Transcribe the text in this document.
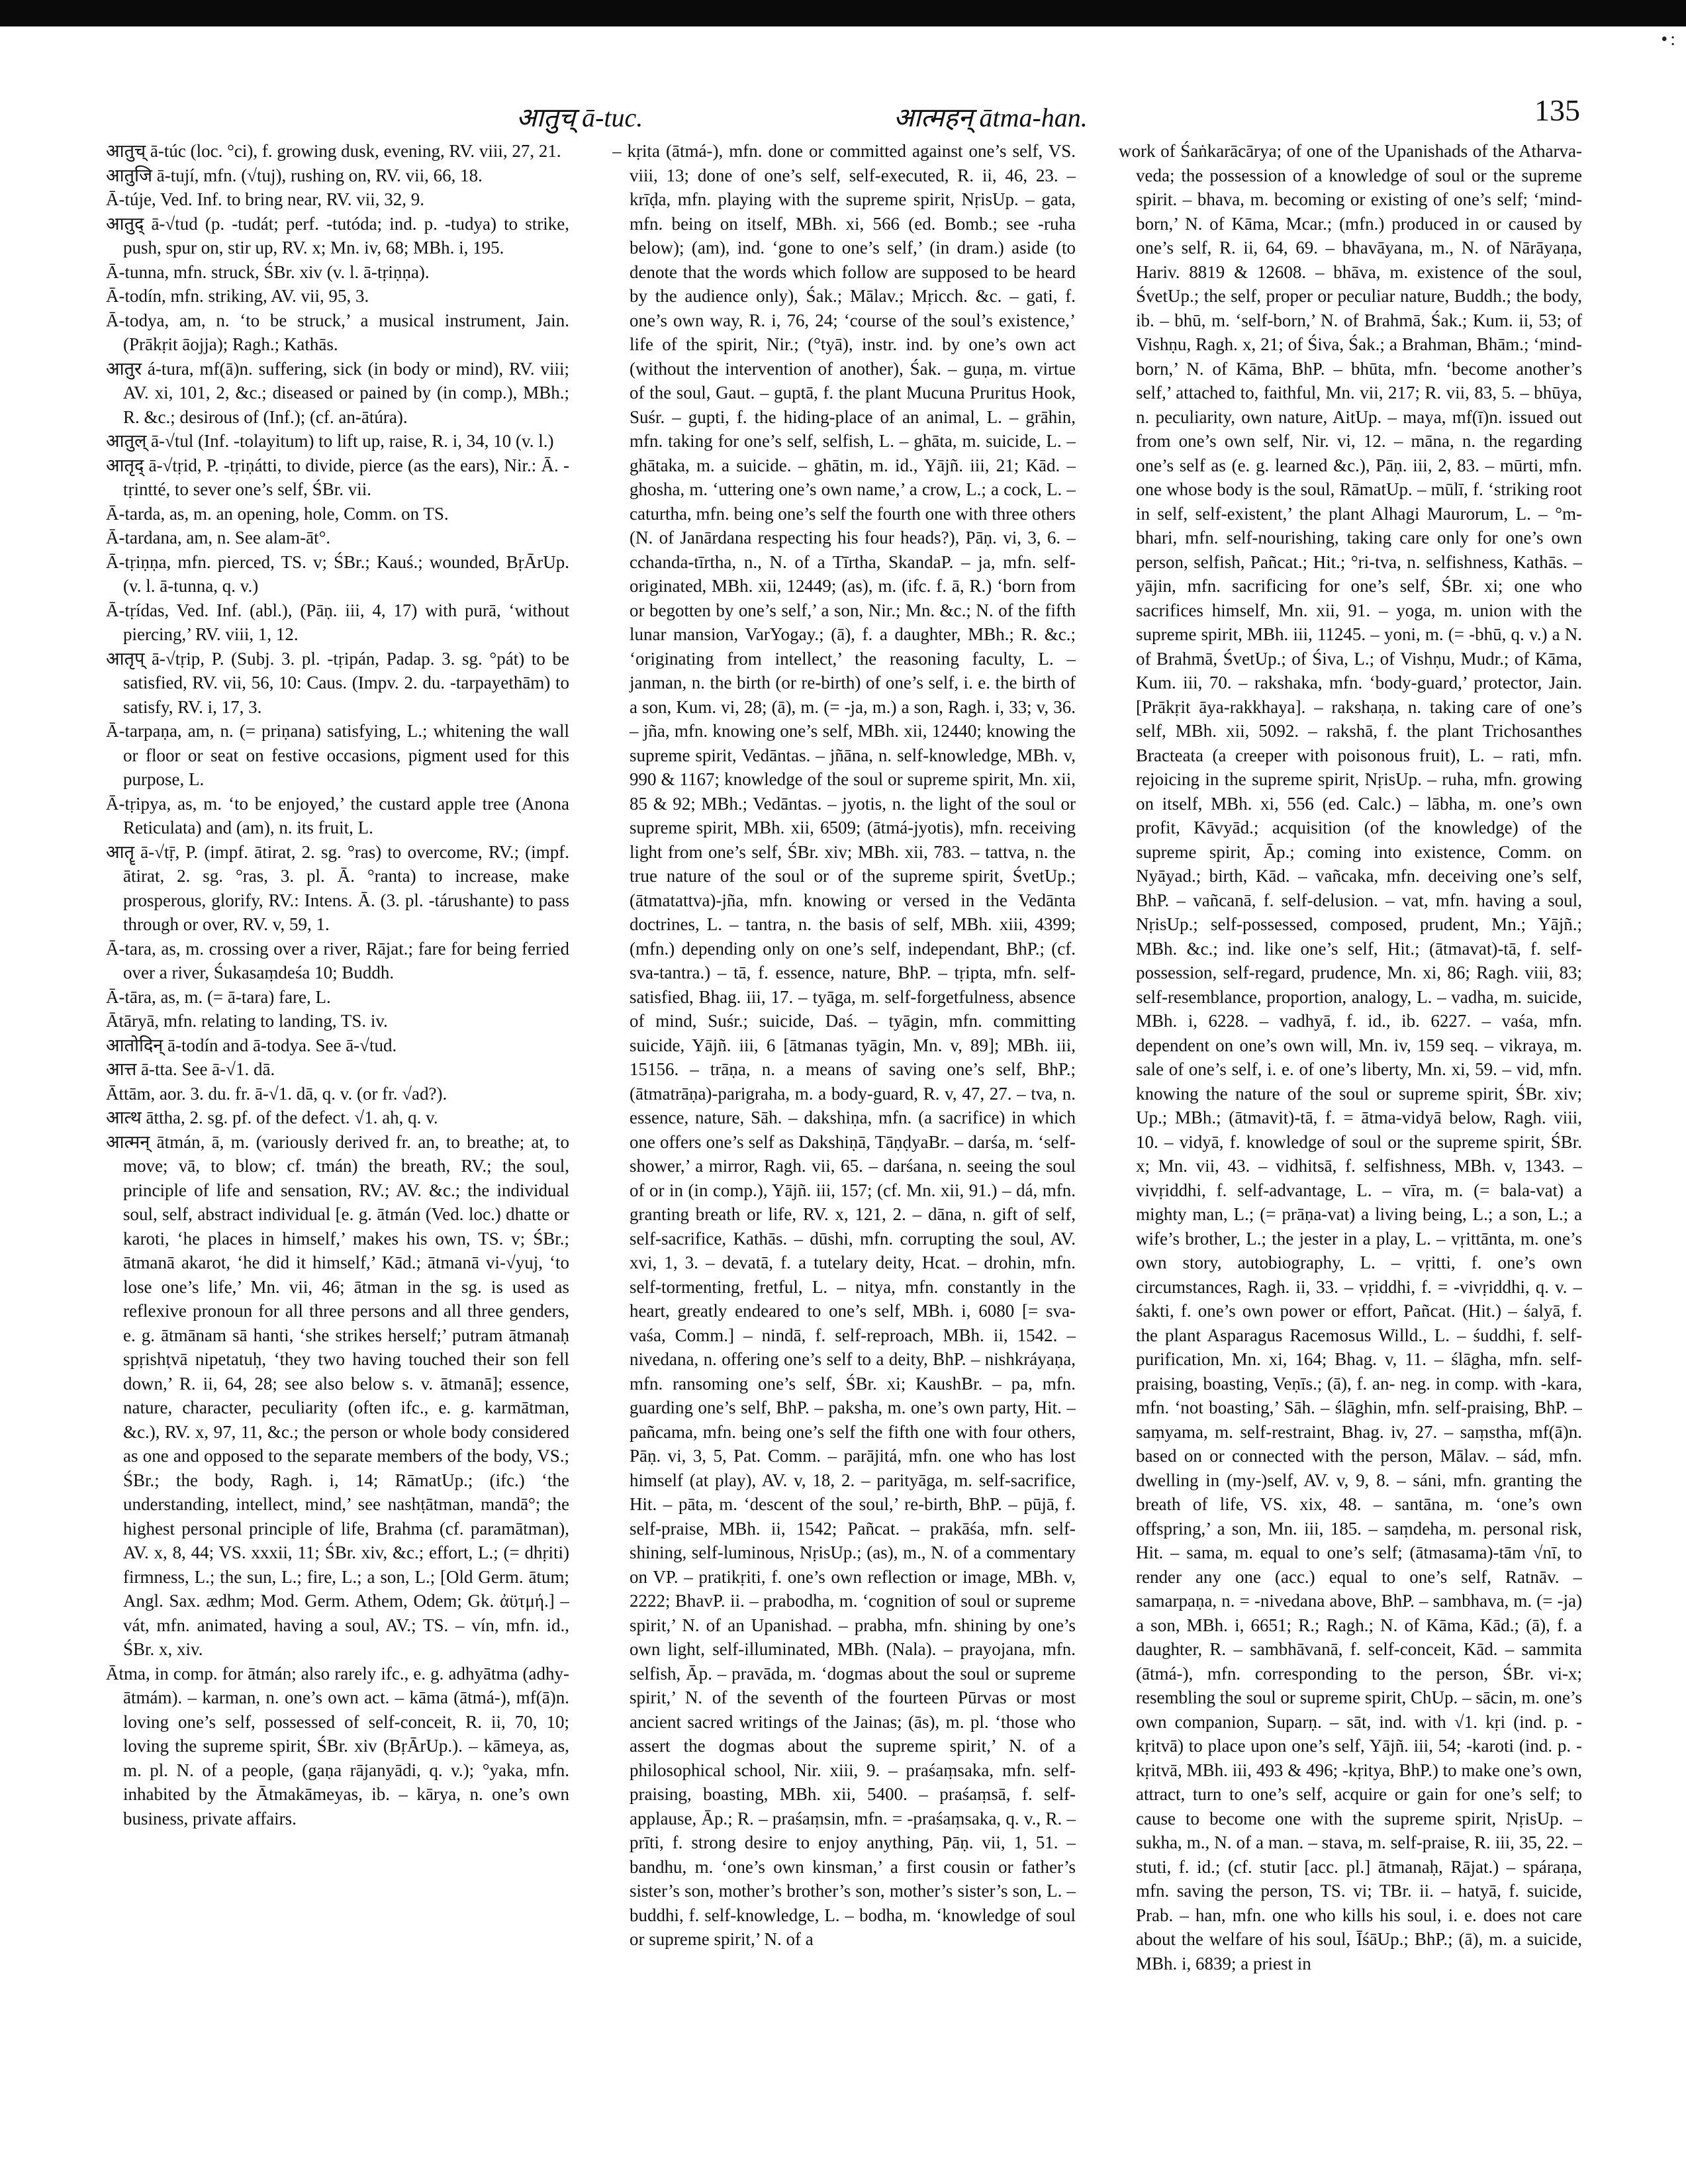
•:
आतुच् ā-tuc.	आत्महन् ātma-han.	135

आतुच् ā-túc (loc. °ci), f. growing dusk, evening, RV. viii, 27, 21.

आतुजि ā-tují, mfn. (√tuj), rushing on, RV. vii, 66, 18.

Ā-túje, Ved. Inf. to bring near, RV. vii, 32, 9.

आतुद् ā-√tud (p. -tudát; perf. -tutóda; ind. p. -tudya) to strike, push, spur on, stir up, RV. x; Mn. iv, 68; MBh. i, 195.

Ā-tunna, mfn. struck, ŚBr. xiv (v. l. ā-tṛiṇṇa).

Ā-todín, mfn. striking, AV. vii, 95, 3.

Ā-todya, am, n. ‘to be struck,’ a musical instrument, Jain. (Prākṛit āojja); Ragh.; Kathās.

आतुर á-tura, mf(ā)n. suffering, sick (in body or mind), RV. viii; AV. xi, 101, 2, &c.; diseased or pained by (in comp.), MBh.; R. &c.; desirous of (Inf.); (cf. an-ātúra).

आतुल् ā-√tul (Inf. -tolayitum) to lift up, raise, R. i, 34, 10 (v. l.)

आतृद् ā-√tṛid, P. -tṛiṇátti, to divide, pierce (as the ears), Nir.: Ā. -tṛintté, to sever one’s self, ŚBr. vii.

Ā-tarda, as, m. an opening, hole, Comm. on TS.

Ā-tardana, am, n. See alam-āt°.

Ā-tṛiṇṇa, mfn. pierced, TS. v; ŚBr.; Kauś.; wounded, BṛĀrUp. (v. l. ā-tunna, q. v.)

Ā-tṛídas, Ved. Inf. (abl.), (Pāṇ. iii, 4, 17) with purā, ‘without piercing,’ RV. viii, 1, 12.

आतृप् ā-√tṛip, P. (Subj. 3. pl. -tṛipán, Padap. 3. sg. °pát) to be satisfied, RV. vii, 56, 10: Caus. (Impv. 2. du. -tarpayethām) to satisfy, RV. i, 17, 3.

Ā-tarpaṇa, am, n. (= priṇana) satisfying, L.; whitening the wall or floor or seat on festive occasions, pigment used for this purpose, L.

Ā-tṛipya, as, m. ‘to be enjoyed,’ the custard apple tree (Anona Reticulata) and (am), n. its fruit, L.

आतॄ ā-√tṝ, P. (impf. ātirat, 2. sg. °ras) to overcome, RV.; (impf. ātirat, 2. sg. °ras, 3. pl. Ā. °ranta) to increase, make prosperous, glorify, RV.: Intens. Ā. (3. pl. -tárushante) to pass through or over, RV. v, 59, 1.

Ā-tara, as, m. crossing over a river, Rājat.; fare for being ferried over a river, Śukasaṃdeśa 10; Buddh.

Ā-tāra, as, m. (= ā-tara) fare, L.

Ātāryā, mfn. relating to landing, TS. iv.

आतोदिन् ā-todín and ā-todya. See ā-√tud.

आत्त ā-tta. See ā-√1. dā.

Āttām, aor. 3. du. fr. ā-√1. dā, q. v. (or fr. √ad?).

आत्थ āttha, 2. sg. pf. of the defect. √1. ah, q. v.

आत्मन् ātmán, ā, m. (variously derived fr. an, to breathe; at, to move; vā, to blow; cf. tmán) the breath, RV.; the soul, principle of life and sensation, RV.; AV. &c.; the individual soul, self, abstract individual [e. g. ātmán (Ved. loc.) dhatte or karoti, ‘he places in himself,’ makes his own, TS. v; ŚBr.; ātmanā akarot, ‘he did it himself,’ Kād.; ātmanā vi-√yuj, ‘to lose one’s life,’ Mn. vii, 46; ātman in the sg. is used as reflexive pronoun for all three persons and all three genders, e. g. ātmānam sā hanti, ‘she strikes herself;’ putram ātmanaḥ spṛishṭvā nipetatuḥ, ‘they two having touched their son fell down,’ R. ii, 64, 28; see also below s. v. ātmanā]; essence, nature, character, peculiarity (often ifc., e. g. karmātman, &c.), RV. x, 97, 11, &c.; the person or whole body considered as one and opposed to the separate members of the body, VS.; ŚBr.; the body, Ragh. i, 14; RāmatUp.; (ifc.) ‘the understanding, intellect, mind,’ see nashṭātman, mandā°; the highest personal principle of life, Brahma (cf. paramātman), AV. x, 8, 44; VS. xxxii, 11; ŚBr. xiv, &c.; effort, L.; (= dhṛiti) firmness, L.; the sun, L.; fire, L.; a son, L.; [Old Germ. ātum; Angl. Sax. ædhm; Mod. Germ. Athem, Odem; Gk. ἀϋτμή.] – vát, mfn. animated, having a soul, AV.; TS. – vín, mfn. id., ŚBr. x, xiv.

Ātma, in comp. for ātmán; also rarely ifc., e. g. adhyātma (adhy-ātmám). – karman, n. one’s own act. – kāma (ātmá-), mf(ā)n. loving one’s self, possessed of self-conceit, R. ii, 70, 10; loving the supreme spirit, ŚBr. xiv (BṛĀrUp.). – kāmeya, as, m. pl. N. of a people, (gaṇa rājanyādi, q. v.); °yaka, mfn. inhabited by the Ātmakāmeyas, ib. – kārya, n. one’s own business, private affairs.

– kṛita (ātmá-), mfn. done or committed against one’s self, VS. viii, 13; done of one’s self, self-executed, R. ii, 46, 23. – krīḍa, mfn. playing with the supreme spirit, NṛisUp. – gata, mfn. being on itself, MBh. xi, 566 (ed. Bomb.; see -ruha below); (am), ind. ‘gone to one’s self,’ (in dram.) aside (to denote that the words which follow are supposed to be heard by the audience only), Śak.; Mālav.; Mṛicch. &c. – gati, f. one’s own way, R. i, 76, 24; ‘course of the soul’s existence,’ life of the spirit, Nir.; (°tyā), instr. ind. by one’s own act (without the intervention of another), Śak. – guṇa, m. virtue of the soul, Gaut. – guptā, f. the plant Mucuna Pruritus Hook, Suśr. – gupti, f. the hiding-place of an animal, L. – grāhin, mfn. taking for one’s self, selfish, L. – ghāta, m. suicide, L. – ghātaka, m. a suicide. – ghātin, m. id., Yājñ. iii, 21; Kād. – ghosha, m. ‘uttering one’s own name,’ a crow, L.; a cock, L. – caturtha, mfn. being one’s self the fourth one with three others (N. of Janārdana respecting his four heads?), Pāṇ. vi, 3, 6. – cchanda-tīrtha, n., N. of a Tīrtha, SkandaP. – ja, mfn. self-originated, MBh. xii, 12449; (as), m. (ifc. f. ā, R.) ‘born from or begotten by one’s self,’ a son, Nir.; Mn. &c.; N. of the fifth lunar mansion, VarYogay.; (ā), f. a daughter, MBh.; R. &c.; ‘originating from intellect,’ the reasoning faculty, L. – janman, n. the birth (or re-birth) of one’s self, i. e. the birth of a son, Kum. vi, 28; (ā), m. (= -ja, m.) a son, Ragh. i, 33; v, 36. – jña, mfn. knowing one’s self, MBh. xii, 12440; knowing the supreme spirit, Vedāntas. – jñāna, n. self-knowledge, MBh. v, 990 & 1167; knowledge of the soul or supreme spirit, Mn. xii, 85 & 92; MBh.; Vedāntas. – jyotis, n. the light of the soul or supreme spirit, MBh. xii, 6509; (ātmá-jyotis), mfn. receiving light from one’s self, ŚBr. xiv; MBh. xii, 783. – tattva, n. the true nature of the soul or of the supreme spirit, ŚvetUp.; (ātmatattva)-jña, mfn. knowing or versed in the Vedānta doctrines, L. – tantra, n. the basis of self, MBh. xiii, 4399; (mfn.) depending only on one’s self, independant, BhP.; (cf. sva-tantra.) – tā, f. essence, nature, BhP. – tṛipta, mfn. self-satisfied, Bhag. iii, 17. – tyāga, m. self-forgetfulness, absence of mind, Suśr.; suicide, Daś. – tyāgin, mfn. committing suicide, Yājñ. iii, 6 [ātmanas tyāgin, Mn. v, 89]; MBh. iii, 15156. – trāṇa, n. a means of saving one’s self, BhP.; (ātmatrāṇa)-parigraha, m. a body-guard, R. v, 47, 27. – tva, n. essence, nature, Sāh. – dakshiṇa, mfn. (a sacrifice) in which one offers one’s self as Dakshiṇā, TāṇḍyaBr. – darśa, m. ‘self-shower,’ a mirror, Ragh. vii, 65. – darśana, n. seeing the soul of or in (in comp.), Yājñ. iii, 157; (cf. Mn. xii, 91.) – dá, mfn. granting breath or life, RV. x, 121, 2. – dāna, n. gift of self, self-sacrifice, Kathās. – dūshi, mfn. corrupting the soul, AV. xvi, 1, 3. – devatā, f. a tutelary deity, Hcat. – drohin, mfn. self-tormenting, fretful, L. – nitya, mfn. constantly in the heart, greatly endeared to one’s self, MBh. i, 6080 [= sva-vaśa, Comm.] – nindā, f. self-reproach, MBh. ii, 1542. – nivedana, n. offering one’s self to a deity, BhP. – nishkráyaṇa, mfn. ransoming one’s self, ŚBr. xi; KaushBr. – pa, mfn. guarding one’s self, BhP. – paksha, m. one’s own party, Hit. – pañcama, mfn. being one’s self the fifth one with four others, Pāṇ. vi, 3, 5, Pat. Comm. – parājitá, mfn. one who has lost himself (at play), AV. v, 18, 2. – parityāga, m. self-sacrifice, Hit. – pāta, m. ‘descent of the soul,’ re-birth, BhP. – pūjā, f. self-praise, MBh. ii, 1542; Pañcat. – prakāśa, mfn. self-shining, self-luminous, NṛisUp.; (as), m., N. of a commentary on VP. – pratikṛiti, f. one’s own reflection or image, MBh. v, 2222; BhavP. ii. – prabodha, m. ‘cognition of soul or supreme spirit,’ N. of an Upanishad. – prabha, mfn. shining by one’s own light, self-illuminated, MBh. (Nala). – prayojana, mfn. selfish, Āp. – pravāda, m. ‘dogmas about the soul or supreme spirit,’ N. of the seventh of the fourteen Pūrvas or most ancient sacred writings of the Jainas; (ās), m. pl. ‘those who assert the dogmas about the supreme spirit,’ N. of a philosophical school, Nir. xiii, 9. – praśaṃsaka, mfn. self-praising, boasting, MBh. xii, 5400. – praśaṃsā, f. self-applause, Āp.; R. – praśaṃsin, mfn. = -praśaṃsaka, q. v., R. – prīti, f. strong desire to enjoy anything, Pāṇ. vii, 1, 51. – bandhu, m. ‘one’s own kinsman,’ a first cousin or father’s sister’s son, mother’s brother’s son, mother’s sister’s son, L. – buddhi, f. self-knowledge, L. – bodha, m. ‘knowledge of soul or supreme spirit,’ N. of a

work of Śaṅkarācārya; of one of the Upanishads of the Atharva-veda; the possession of a knowledge of soul or the supreme spirit. – bhava, m. becoming or existing of one’s self; ‘mind-born,’ N. of Kāma, Mcar.; (mfn.) produced in or caused by one’s self, R. ii, 64, 69. – bhavāyana, m., N. of Nārāyaṇa, Hariv. 8819 & 12608. – bhāva, m. existence of the soul, ŚvetUp.; the self, proper or peculiar nature, Buddh.; the body, ib. – bhū, m. ‘self-born,’ N. of Brahmā, Śak.; Kum. ii, 53; of Vishṇu, Ragh. x, 21; of Śiva, Śak.; a Brahman, Bhām.; ‘mind-born,’ N. of Kāma, BhP. – bhūta, mfn. ‘become another’s self,’ attached to, faithful, Mn. vii, 217; R. vii, 83, 5. – bhūya, n. peculiarity, own nature, AitUp. – maya, mf(ī)n. issued out from one’s own self, Nir. vi, 12. – māna, n. the regarding one’s self as (e. g. learned &c.), Pāṇ. iii, 2, 83. – mūrti, mfn. one whose body is the soul, RāmatUp. – mūlī, f. ‘striking root in self, self-existent,’ the plant Alhagi Maurorum, L. – °m-bhari, mfn. self-nourishing, taking care only for one’s own person, selfish, Pañcat.; Hit.; °ri-tva, n. selfishness, Kathās. – yājin, mfn. sacrificing for one’s self, ŚBr. xi; one who sacrifices himself, Mn. xii, 91. – yoga, m. union with the supreme spirit, MBh. iii, 11245. – yoni, m. (= -bhū, q. v.) a N. of Brahmā, ŚvetUp.; of Śiva, L.; of Vishṇu, Mudr.; of Kāma, Kum. iii, 70. – rakshaka, mfn. ‘body-guard,’ protector, Jain. [Prākṛit āya-rakkhaya]. – rakshaṇa, n. taking care of one’s self, MBh. xii, 5092. – rakshā, f. the plant Trichosanthes Bracteata (a creeper with poisonous fruit), L. – rati, mfn. rejoicing in the supreme spirit, NṛisUp. – ruha, mfn. growing on itself, MBh. xi, 556 (ed. Calc.) – lābha, m. one’s own profit, Kāvyād.; acquisition (of the knowledge) of the supreme spirit, Āp.; coming into existence, Comm. on Nyāyad.; birth, Kād. – vañcaka, mfn. deceiving one’s self, BhP. – vañcanā, f. self-delusion. – vat, mfn. having a soul, NṛisUp.; self-possessed, composed, prudent, Mn.; Yājñ.; MBh. &c.; ind. like one’s self, Hit.; (ātmavat)-tā, f. self-possession, self-regard, prudence, Mn. xi, 86; Ragh. viii, 83; self-resemblance, proportion, analogy, L. – vadha, m. suicide, MBh. i, 6228. – vadhyā, f. id., ib. 6227. – vaśa, mfn. dependent on one’s own will, Mn. iv, 159 seq. – vikraya, m. sale of one’s self, i. e. of one’s liberty, Mn. xi, 59. – vid, mfn. knowing the nature of the soul or supreme spirit, ŚBr. xiv; Up.; MBh.; (ātmavit)-tā, f. = ātma-vidyā below, Ragh. viii, 10. – vidyā, f. knowledge of soul or the supreme spirit, ŚBr. x; Mn. vii, 43. – vidhitsā, f. selfishness, MBh. v, 1343. – vivṛiddhi, f. self-advantage, L. – vīra, m. (= bala-vat) a mighty man, L.; (= prāṇa-vat) a living being, L.; a son, L.; a wife’s brother, L.; the jester in a play, L. – vṛittānta, m. one’s own story, autobiography, L. – vṛitti, f. one’s own circumstances, Ragh. ii, 33. – vṛiddhi, f. = -vivṛiddhi, q. v. – śakti, f. one’s own power or effort, Pañcat. (Hit.) – śalyā, f. the plant Asparagus Racemosus Willd., L. – śuddhi, f. self-purification, Mn. xi, 164; Bhag. v, 11. – ślāgha, mfn. self-praising, boasting, Veṇīs.; (ā), f. an- neg. in comp. with -kara, mfn. ‘not boasting,’ Sāh. – ślāghin, mfn. self-praising, BhP. – saṃyama, m. self-restraint, Bhag. iv, 27. – saṃstha, mf(ā)n. based on or connected with the person, Mālav. – sád, mfn. dwelling in (my-)self, AV. v, 9, 8. – sáni, mfn. granting the breath of life, VS. xix, 48. – santāna, m. ‘one’s own offspring,’ a son, Mn. iii, 185. – saṃdeha, m. personal risk, Hit. – sama, m. equal to one’s self; (ātmasama)-tām √nī, to render any one (acc.) equal to one’s self, Ratnāv. – samarpaṇa, n. = -nivedana above, BhP. – sambhava, m. (= -ja) a son, MBh. i, 6651; R.; Ragh.; N. of Kāma, Kād.; (ā), f. a daughter, R. – sambhāvanā, f. self-conceit, Kād. – sammita (ātmá-), mfn. corresponding to the person, ŚBr. vi-x; resembling the soul or supreme spirit, ChUp. – sācin, m. one’s own companion, Suparṇ. – sāt, ind. with √1. kṛi (ind. p. -kṛitvā) to place upon one’s self, Yājñ. iii, 54; -karoti (ind. p. -kṛitvā, MBh. iii, 493 & 496; -kṛitya, BhP.) to make one’s own, attract, turn to one’s self, acquire or gain for one’s self; to cause to become one with the supreme spirit, NṛisUp. – sukha, m., N. of a man. – stava, m. self-praise, R. iii, 35, 22. – stuti, f. id.; (cf. stutir [acc. pl.] ātmanaḥ, Rājat.) – spáraṇa, mfn. saving the person, TS. vi; TBr. ii. – hatyā, f. suicide, Prab. – han, mfn. one who kills his soul, i. e. does not care about the welfare of his soul, ĪśāUp.; BhP.; (ā), m. a suicide, MBh. i, 6839; a priest in
